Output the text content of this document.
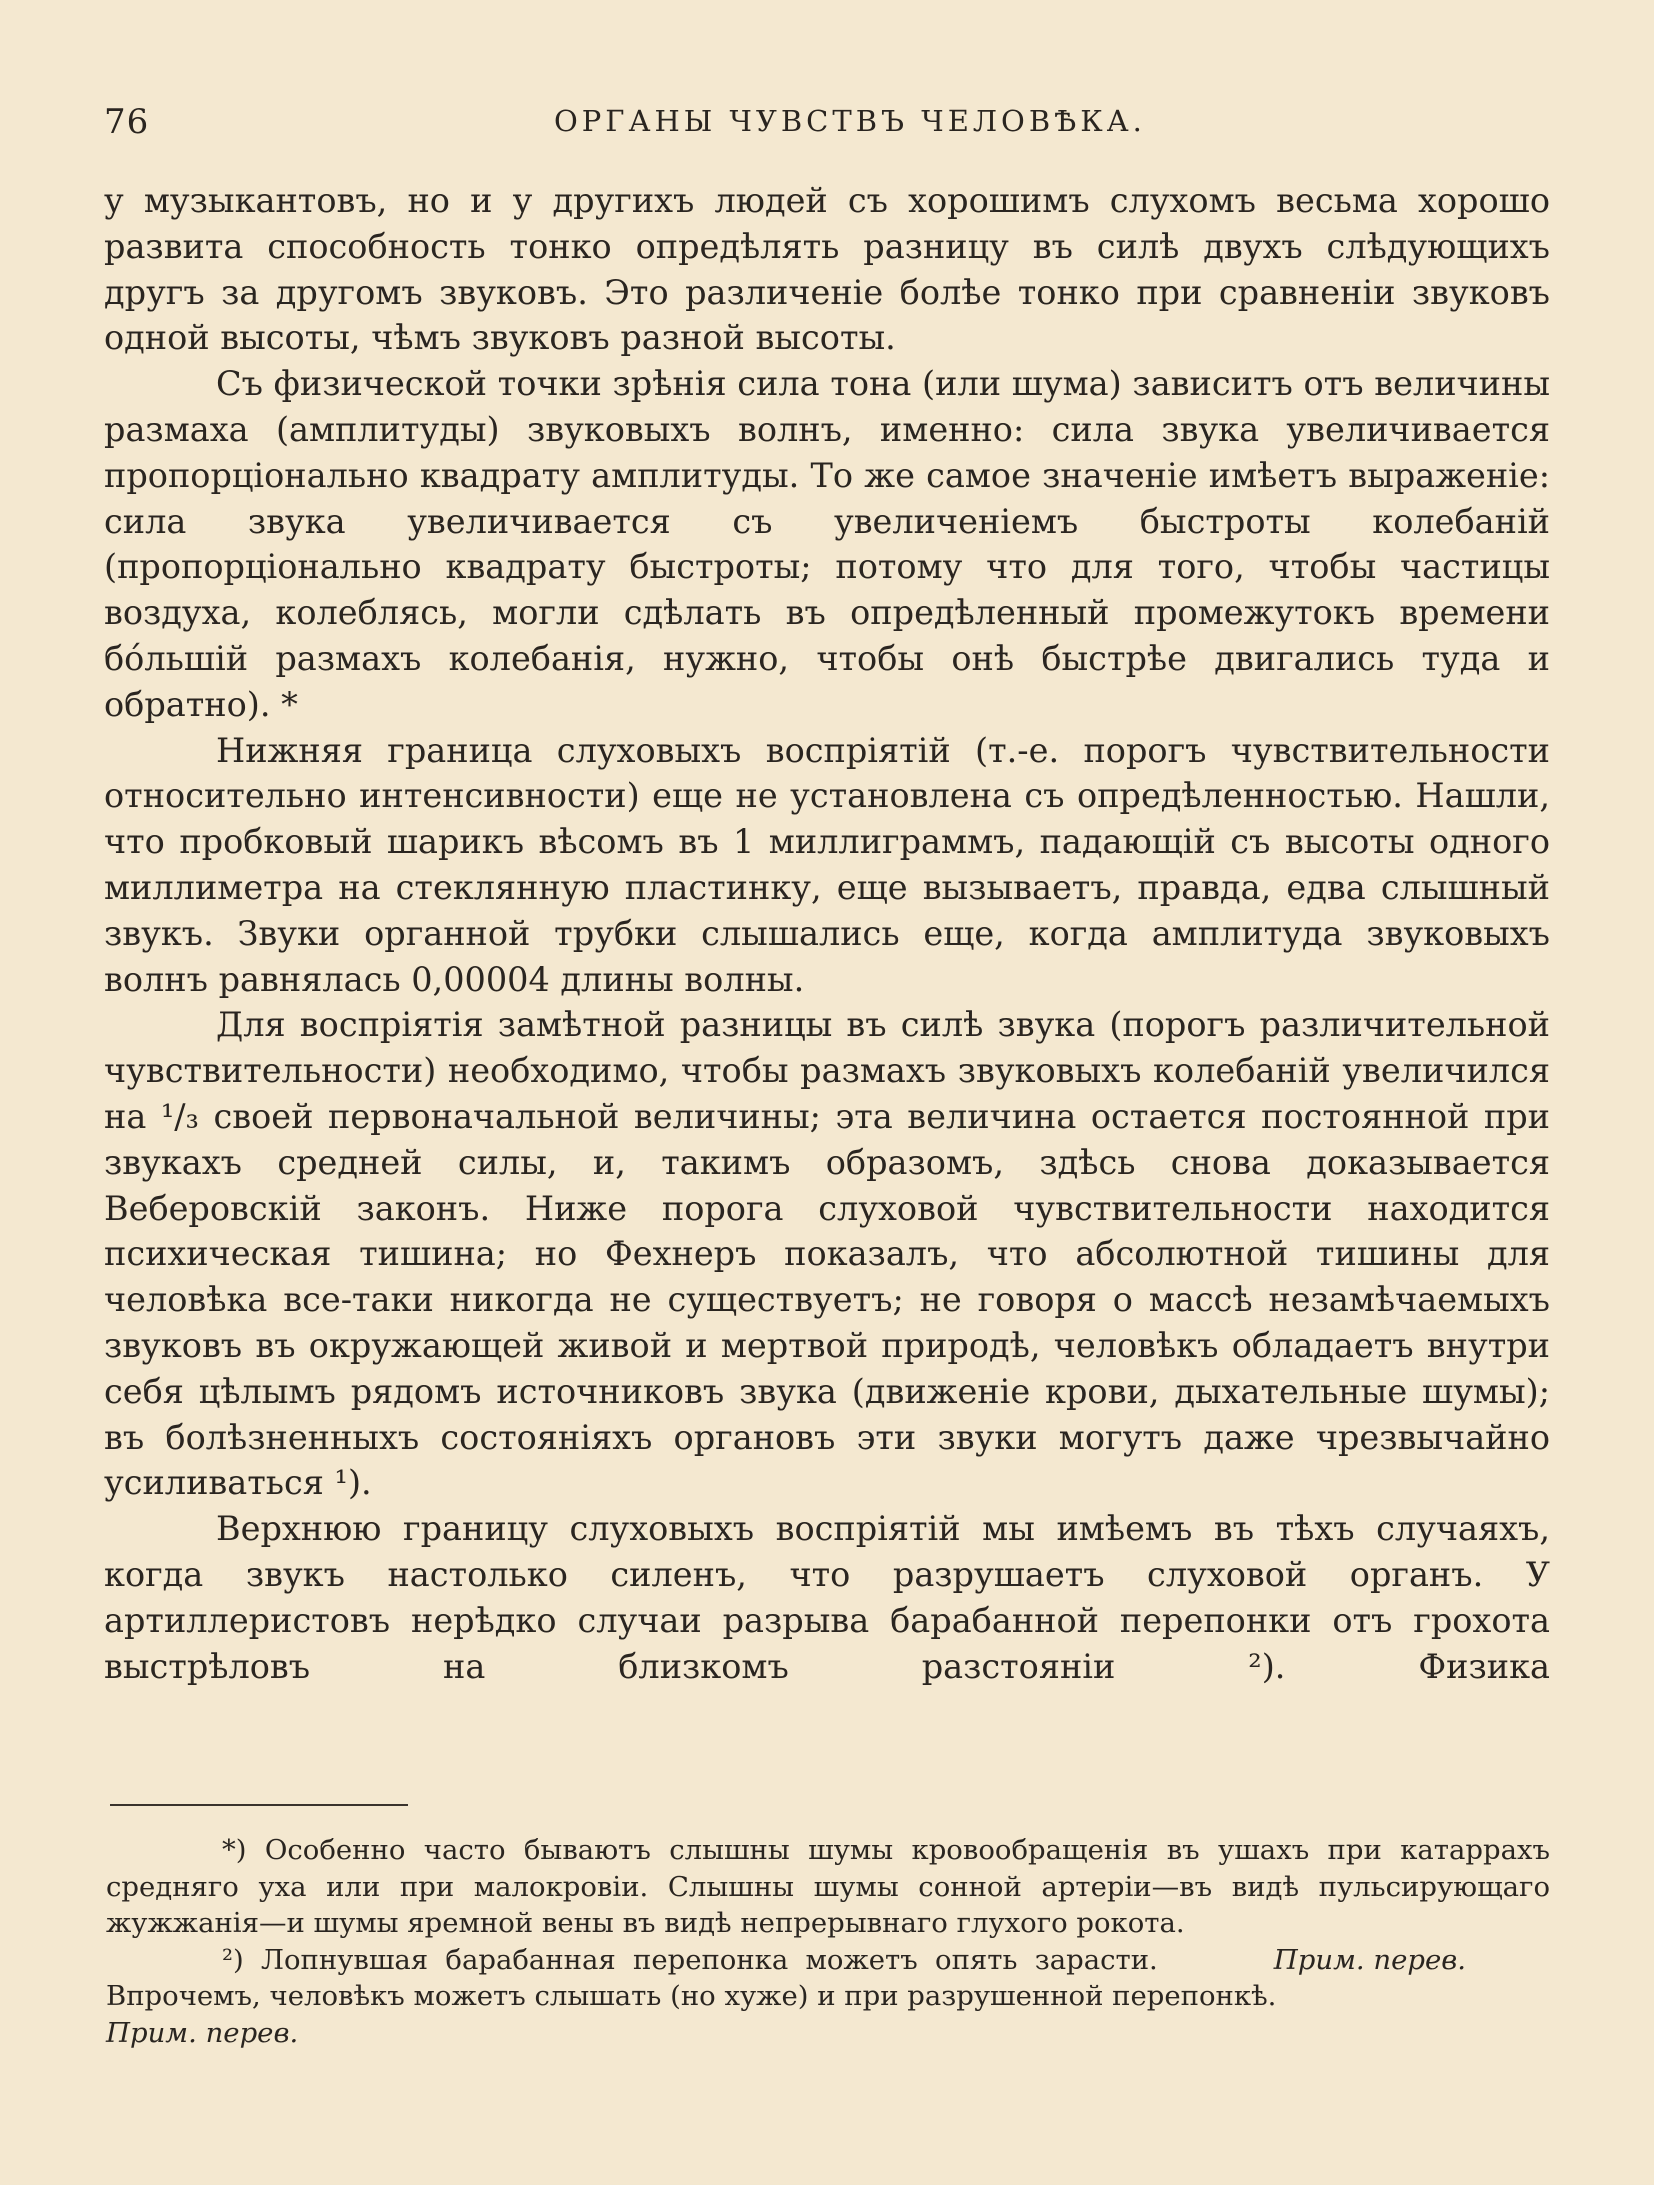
76	ОРГАНЫ ЧУВСТВЪ ЧЕЛОВѢКА.

у музыкантовъ, но и у другихъ людей съ хорошимъ слухомъ весьма хорошо развита способность тонко опредѣлять разницу въ силѣ двухъ слѣдующихъ другъ за другомъ звуковъ. Это различеніе болѣе тонко при сравненіи звуковъ одной высоты, чѣмъ звуковъ разной высоты.

Съ физической точки зрѣнія сила тона (или шума) зависитъ отъ величины размаха (амплитуды) звуковыхъ волнъ, именно: сила звука увеличивается пропорціонально квадрату амплитуды. То же самое значеніе имѣетъ выраженіе: сила звука увеличивается съ увеличеніемъ быстроты колебаній (пропорціонально квадрату быстроты; потому что для того, чтобы частицы воздуха, колеблясь, могли сдѣлать въ опредѣленный промежутокъ времени бо́льшій размахъ колебанія, нужно, чтобы онѣ быстрѣе двигались туда и обратно). *

Нижняя граница слуховыхъ воспріятій (т.-е. порогъ чувствительности относительно интенсивности) еще не установлена съ опредѣленностью. Нашли, что пробковый шарикъ вѣсомъ въ 1 миллиграммъ, падающій съ высоты одного миллиметра на стеклянную пластинку, еще вызываетъ, правда, едва слышный звукъ. Звуки органной трубки слышались еще, когда амплитуда звуковыхъ волнъ равнялась 0,00004 длины волны.

Для воспріятія замѣтной разницы въ силѣ звука (порогъ различительной чувствительности) необходимо, чтобы размахъ звуковыхъ колебаній увеличился на ¹/₃ своей первоначальной величины; эта величина остается постоянной при звукахъ средней силы, и, такимъ образомъ, здѣсь снова доказывается Веберовскій законъ. Ниже порога слуховой чувствительности находится психическая тишина; но Фехнеръ показалъ, что абсолютной тишины для человѣка все-таки никогда не существуетъ; не говоря о массѣ незамѣчаемыхъ звуковъ въ окружающей живой и мертвой природѣ, человѣкъ обладаетъ внутри себя цѣлымъ рядомъ источниковъ звука (движеніе крови, дыхательные шумы); въ болѣзненныхъ состояніяхъ органовъ эти звуки могутъ даже чрезвычайно усиливаться ¹).

Верхнюю границу слуховыхъ воспріятій мы имѣемъ въ тѣхъ случаяхъ, когда звукъ настолько силенъ, что разрушаетъ слуховой органъ. У артиллеристовъ нерѣдко случаи разрыва барабанной перепонки отъ грохота выстрѣловъ на близкомъ разстояніи ²). Физика

*) Особенно часто бываютъ слышны шумы кровообращенія въ ушахъ при катаррахъ средняго уха или при малокровіи. Слышны шумы сонной артеріи—въ видѣ пульсирующаго жужжанія—и шумы яремной вены въ видѣ непрерывнаго глухого рокота.
Прим. перев.

²) Лопнувшая барабанная перепонка можетъ опять зарасти. Впрочемъ, человѣкъ можетъ слышать (но хуже) и при разрушенной перепонкѣ.

Прим. перев.
